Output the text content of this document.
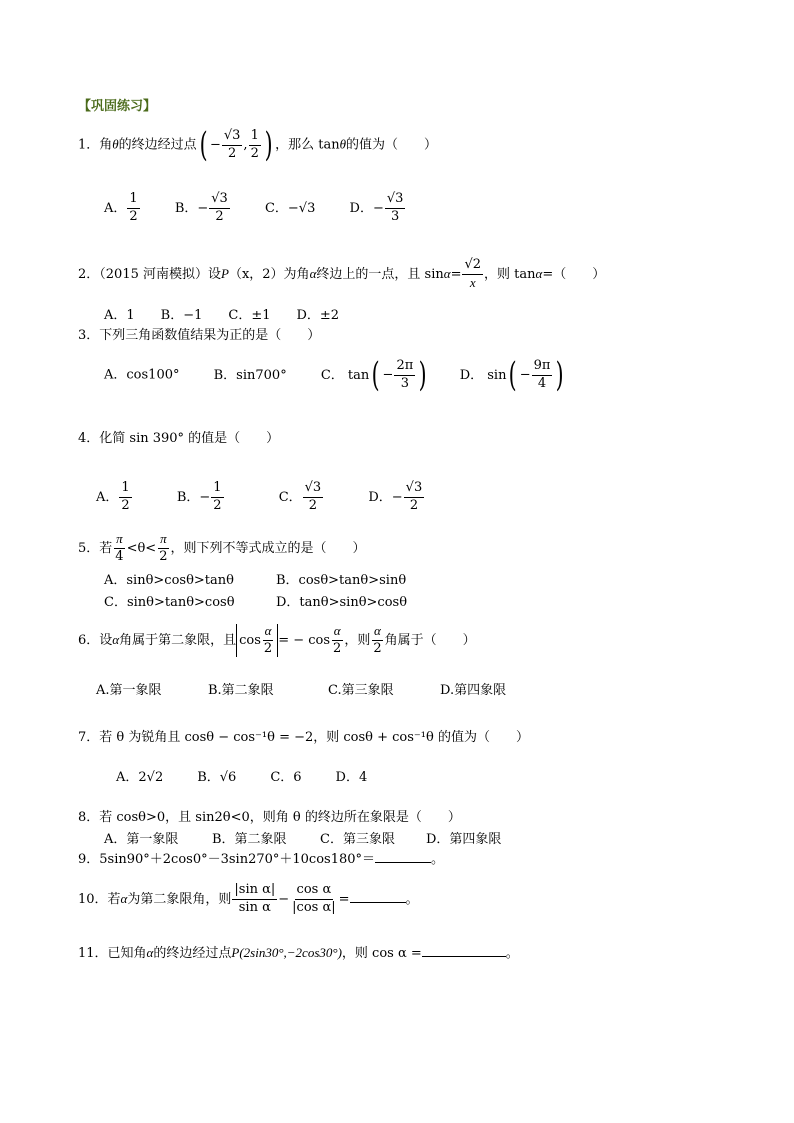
【巩固练习】
1．角θ的终边经过点( − $\frac{√3}{2}$ , $\frac{1}{2}$ ) ，那么 tanθ的值为（　　）
A． $\frac{1}{2}$	B．− $\frac{√3}{2}$	C．−√3	D．− $\frac{√3}{3}$
2．（2015 河南模拟）设P（x，2）为角α终边上的一点，且 $\sin\alpha= \frac{√2}{x}$ ，则 tanα=（　　）
A．1　　B．−1　　C．±1　　D．±2
3．下列三角函数值结果为正的是（　　）
A．cos100°	B．sin700°	C． $\tan( - \frac{2\pi}{3}$ )	D． $\sin( - \frac{9\pi}{4}$ )
4．化简 sin 390° 的值是（　　）
A． $\frac{1}{2}$	B．− $\frac{1}{2}$	C． $\frac{√3}{2}$	D．− $\frac{√3}{2}$
5．若 $\frac{\pi}{4} <\theta< \frac{\pi}{2}$ ，则下列不等式成立的是（　　）
A．sinθ>cosθ>tanθ	B．cosθ>tanθ>sinθ
C．sinθ>tanθ>cosθ	D．tanθ>sinθ>cosθ
6．设α角属于第二象限，且 $\cos \frac{\alpha}{2}$ = − $\cos \frac{\alpha}{2}$ ，则 $\frac{\alpha}{2}$ 角属于（　　）
A.第一象限	B.第二象限	C.第三象限	D.第四象限
7．若 θ 为锐角且 cosθ − cos⁻¹θ = −2，则 cosθ + cos⁻¹θ 的值为（　　）
A．2√2	B．√6	C．6	D．4
8．若 cosθ>0，且 sin2θ<0，则角 θ 的终边所在象限是（　　）
A．第一象限	B．第二象限	C．第三象限 D．第四象限
9．5sin90°＋2cos0°－3sin270°＋10cos180°＝	。
10．若α为第二象限角，则 $\frac{\text{|sin α|}}{\text{sin α}} - \frac{\text{cos α}}{\text{|cos α|}}$ =	。
11．已知角α的终边经过点P(2sin30°,−2cos30°)，则 cos α =	。
